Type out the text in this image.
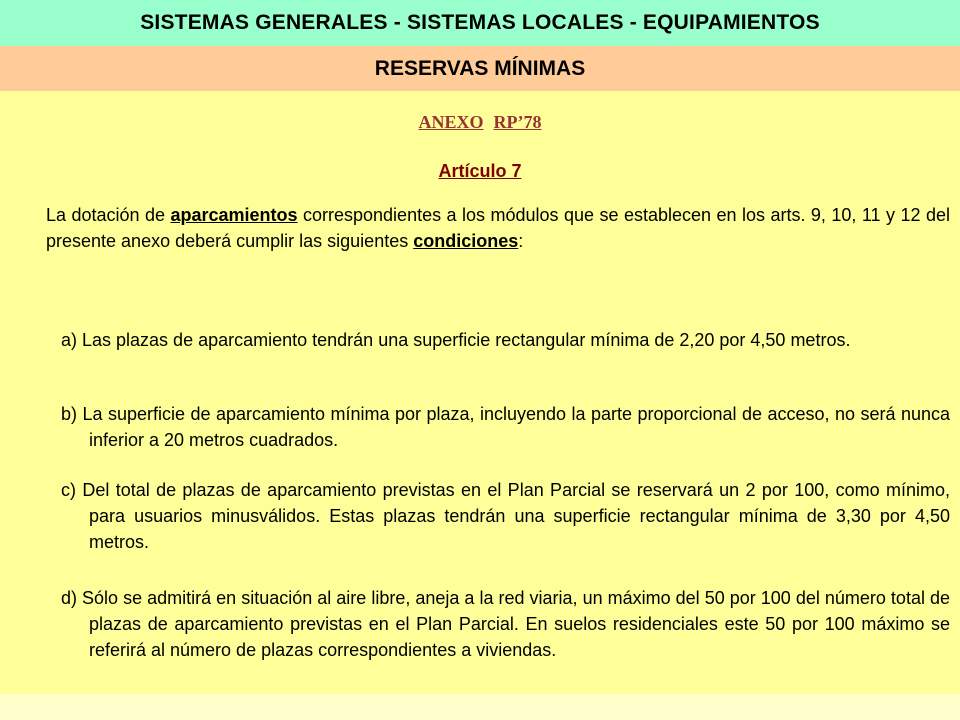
SISTEMAS GENERALES - SISTEMAS LOCALES - EQUIPAMIENTOS
RESERVAS MÍNIMAS
ANEXO RP’78
Artículo 7
La dotación de aparcamientos correspondientes a los módulos que se establecen en los arts. 9, 10, 11 y 12 del presente anexo deberá cumplir las siguientes condiciones:
a) Las plazas de aparcamiento tendrán una superficie rectangular mínima de 2,20 por 4,50 metros.
b) La superficie de aparcamiento mínima por plaza, incluyendo la parte proporcional de acceso, no será nunca inferior a 20 metros cuadrados.
c) Del total de plazas de aparcamiento previstas en el Plan Parcial se reservará un 2 por 100, como mínimo, para usuarios minusválidos. Estas plazas tendrán una superficie rectangular mínima de 3,30 por 4,50 metros.
d) Sólo se admitirá en situación al aire libre, aneja a la red viaria, un máximo del 50 por 100 del número total de plazas de aparcamiento previstas en el Plan Parcial. En suelos residenciales este 50 por 100 máximo se referirá al número de plazas correspondientes a viviendas.
